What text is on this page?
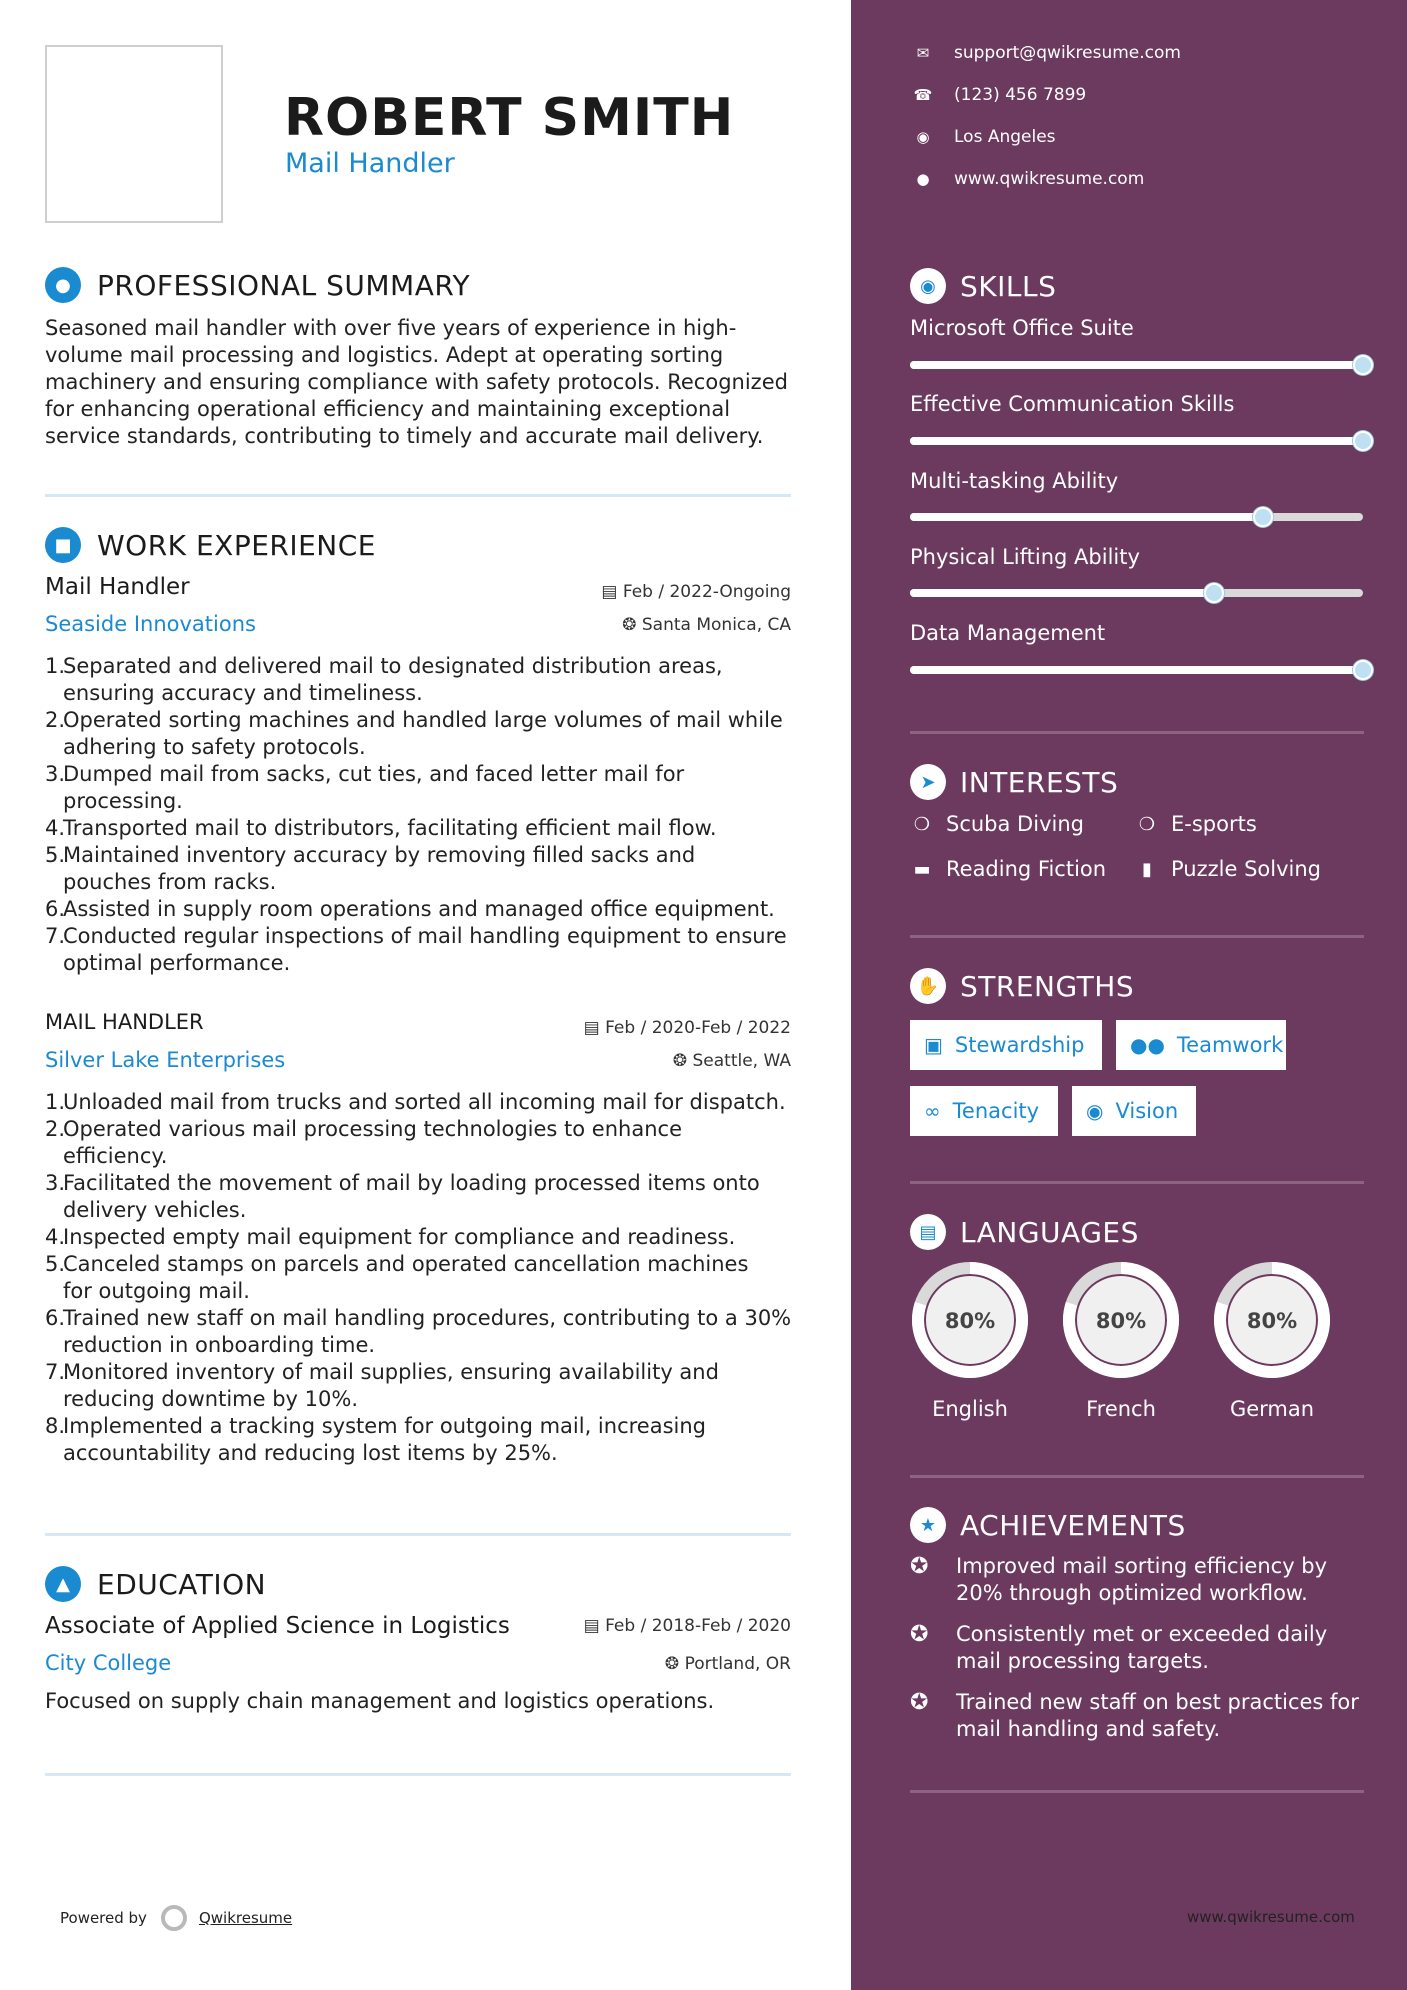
ROBERT SMITH
Mail Handler
● PROFESSIONAL SUMMARY
Seasoned mail handler with over five years of experience in high-
volume mail processing and logistics. Adept at operating sorting
machinery and ensuring compliance with safety protocols. Recognized
for enhancing operational efficiency and maintaining exceptional
service standards, contributing to timely and accurate mail delivery.
■ WORK EXPERIENCE
Mail Handler	▤ Feb / 2022-Ongoing
Seaside Innovations	❂ Santa Monica, CA
1.
Separated and delivered mail to designated distribution areas,
ensuring accuracy and timeliness.
2.
Operated sorting machines and handled large volumes of mail while
adhering to safety protocols.
3.
Dumped mail from sacks, cut ties, and faced letter mail for
processing.
4.
Transported mail to distributors, facilitating efficient mail flow.
5.
Maintained inventory accuracy by removing filled sacks and
pouches from racks.
6.
Assisted in supply room operations and managed office equipment.
7.
Conducted regular inspections of mail handling equipment to ensure
optimal performance.
MAIL HANDLER	▤ Feb / 2020-Feb / 2022
Silver Lake Enterprises	❂ Seattle, WA
1.
Unloaded mail from trucks and sorted all incoming mail for dispatch.
2.
Operated various mail processing technologies to enhance
efficiency.
3.
Facilitated the movement of mail by loading processed items onto
delivery vehicles.
4.
Inspected empty mail equipment for compliance and readiness.
5.
Canceled stamps on parcels and operated cancellation machines
for outgoing mail.
6.
Trained new staff on mail handling procedures, contributing to a 30%
reduction in onboarding time.
7.
Monitored inventory of mail supplies, ensuring availability and
reducing downtime by 10%.
8.
Implemented a tracking system for outgoing mail, increasing
accountability and reducing lost items by 25%.
▲ EDUCATION
Associate of Applied Science in Logistics	▤ Feb / 2018-Feb / 2020
City College	❂ Portland, OR
Focused on supply chain management and logistics operations.
Powered by	Qwikresume
✉	support@qwikresume.com
☎ (123) 456 7899
◉	Los Angeles
●	www.qwikresume.com
◉ SKILLS
Microsoft Office Suite
Effective Communication Skills
Multi-tasking Ability
Physical Lifting Ability
Data Management
➤ INTERESTS
❍ Scuba Diving	❍ E-sports
▬ Reading Fiction	▮ Puzzle Solving
✋ STRENGTHS
▣ Stewardship ●● Teamwork
∞ Tenacity ◉ Vision
▤ LANGUAGES
80%	80%	80%
English	French	German
★ ACHIEVEMENTS
✪	Improved mail sorting efficiency by
20% through optimized workflow.
✪	Consistently met or exceeded daily
mail processing targets.
✪	Trained new staff on best practices for
mail handling and safety.
www.qwikresume.com
